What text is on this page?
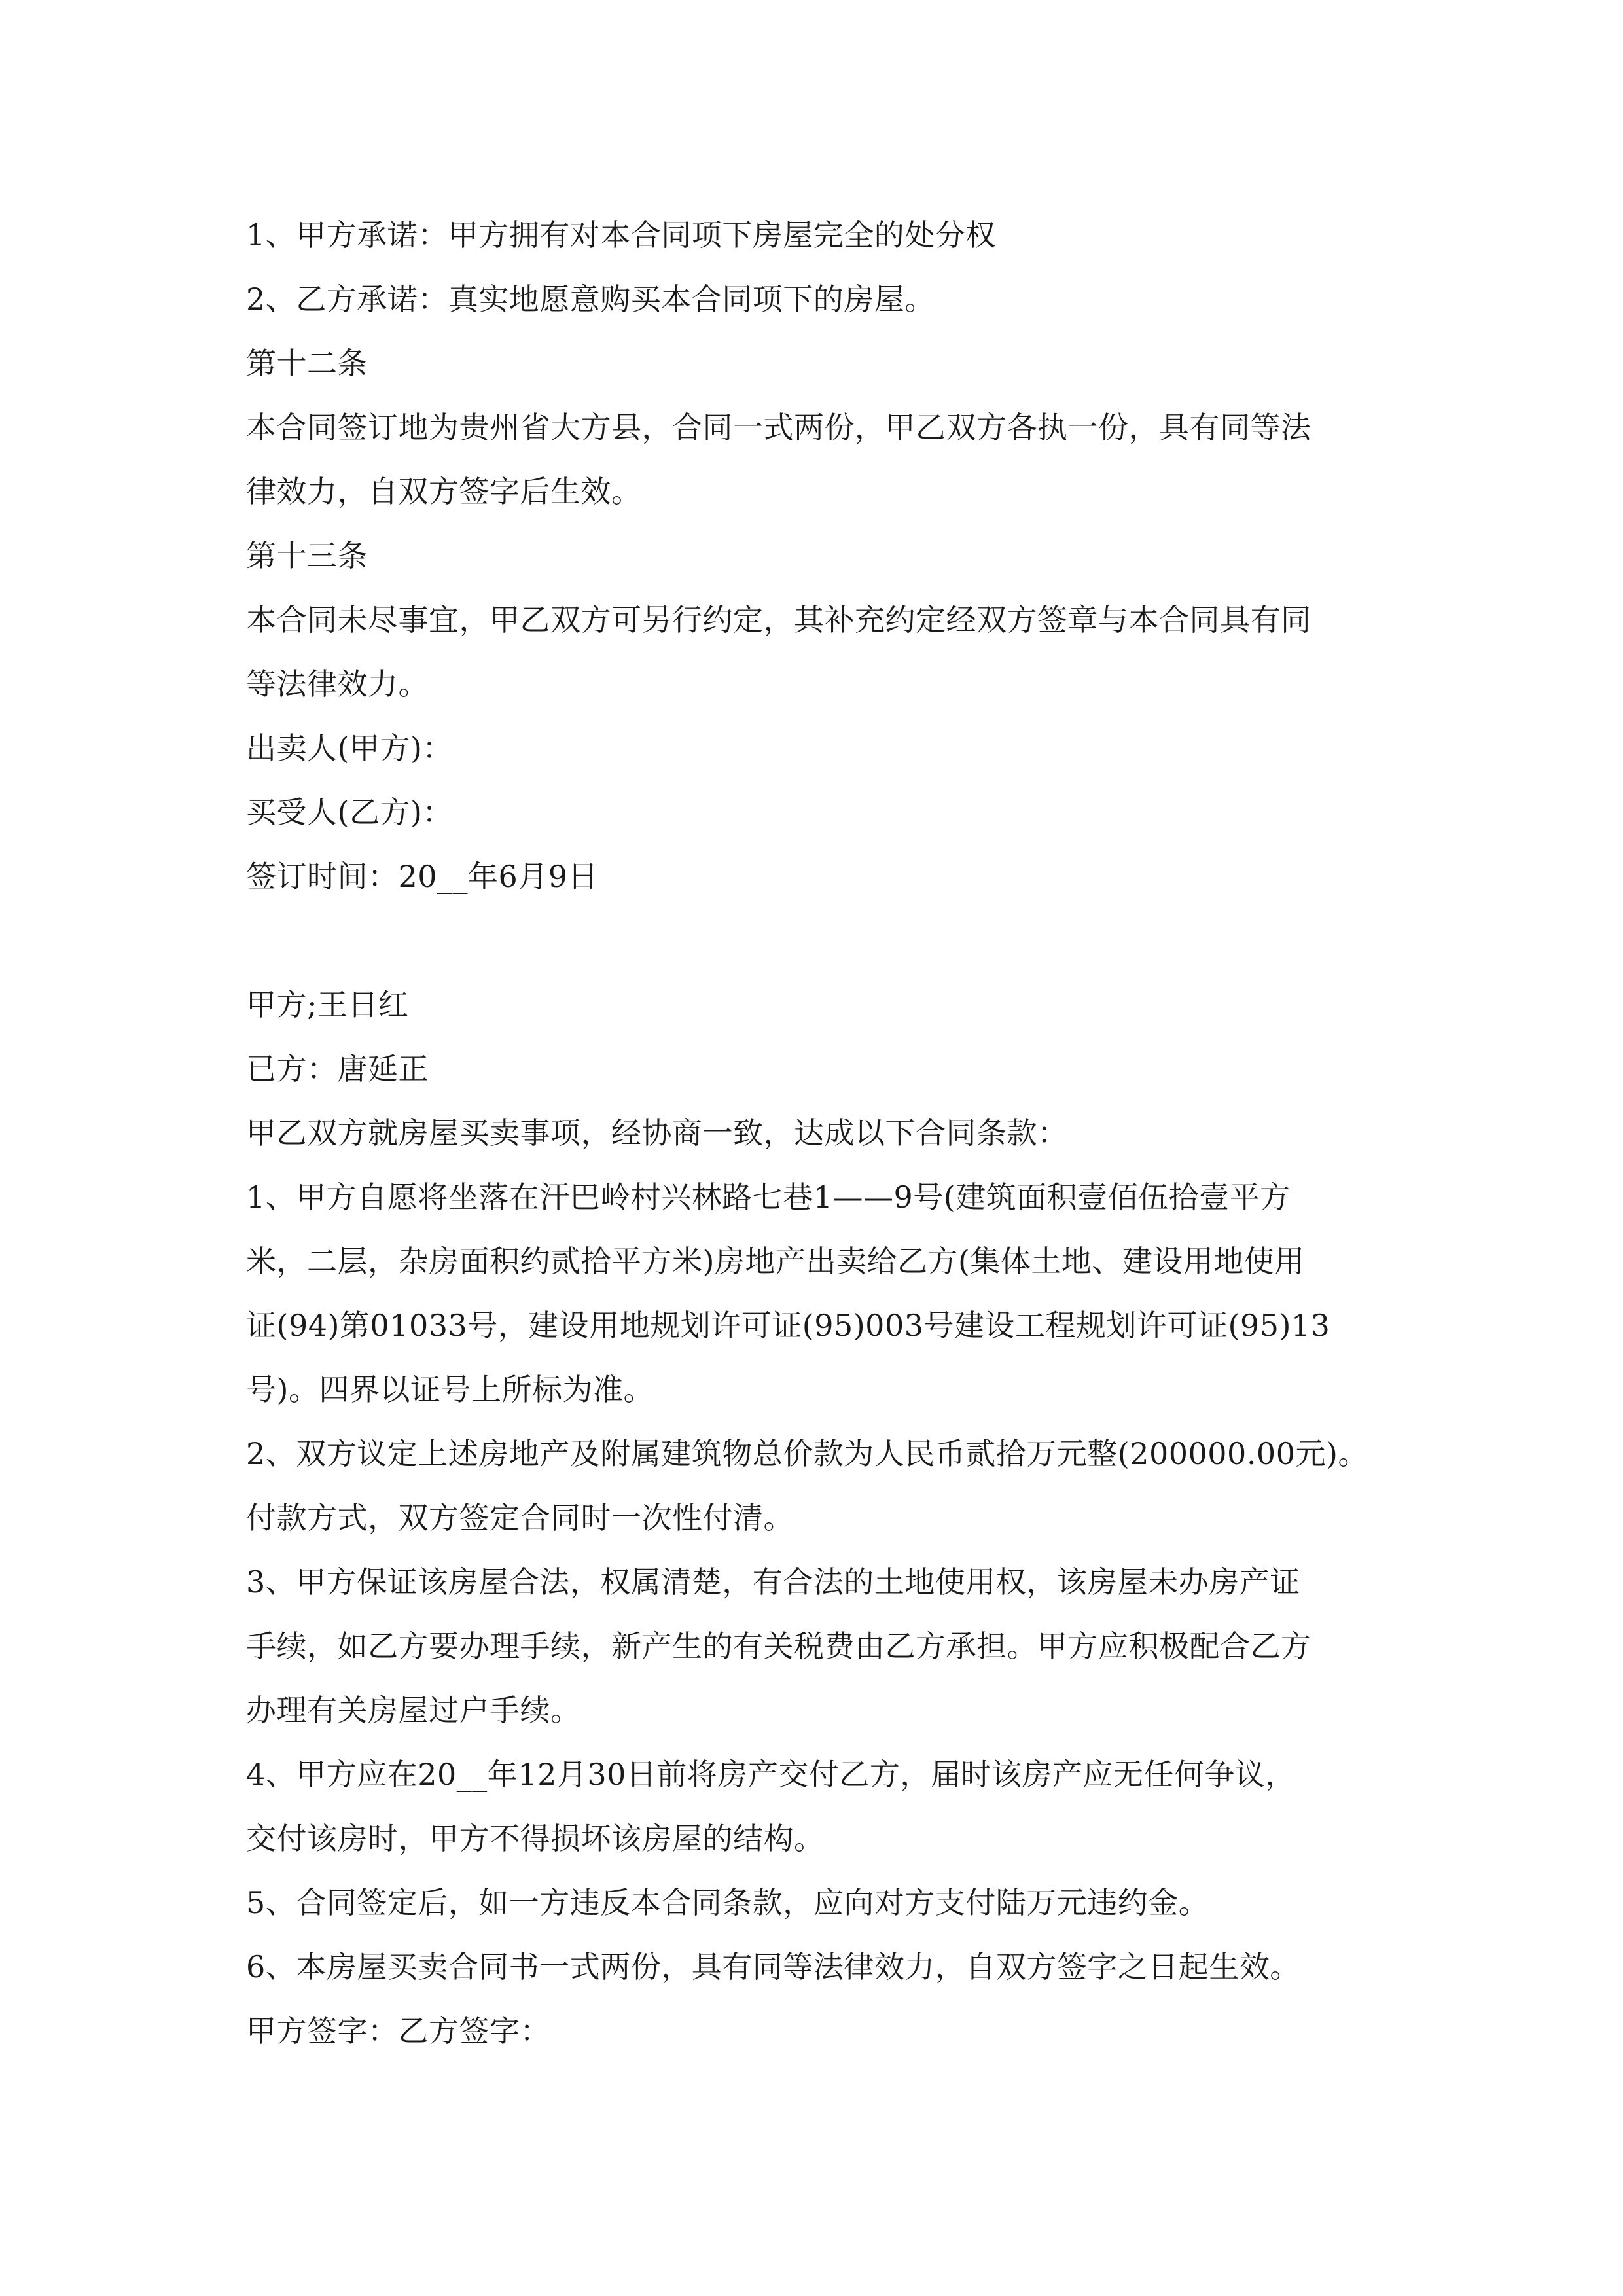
1、甲方承诺：甲方拥有对本合同项下房屋完全的处分权
2、乙方承诺：真实地愿意购买本合同项下的房屋。
第十二条
本合同签订地为贵州省大方县，合同一式两份，甲乙双方各执一份，具有同等法
律效力，自双方签字后生效。
第十三条
本合同未尽事宜，甲乙双方可另行约定，其补充约定经双方签章与本合同具有同
等法律效力。
出卖人(甲方)：
买受人(乙方)：
签订时间：20__年6月9日
甲方;王日红
已方：唐延正
甲乙双方就房屋买卖事项，经协商一致，达成以下合同条款：
1、甲方自愿将坐落在汗巴岭村兴林路七巷1——9号(建筑面积壹佰伍拾壹平方
米，二层，杂房面积约贰拾平方米)房地产出卖给乙方(集体土地、建设用地使用
证(94)第01033号，建设用地规划许可证(95)003号建设工程规划许可证(95)13
号)。四界以证号上所标为准。
2、双方议定上述房地产及附属建筑物总价款为人民币贰拾万元整(200000.00元)。
付款方式，双方签定合同时一次性付清。
3、甲方保证该房屋合法，权属清楚，有合法的土地使用权，该房屋未办房产证
手续，如乙方要办理手续，新产生的有关税费由乙方承担。甲方应积极配合乙方
办理有关房屋过户手续。
4、甲方应在20__年12月30日前将房产交付乙方，届时该房产应无任何争议，
交付该房时，甲方不得损坏该房屋的结构。
5、合同签定后，如一方违反本合同条款，应向对方支付陆万元违约金。
6、本房屋买卖合同书一式两份，具有同等法律效力，自双方签字之日起生效。
甲方签字：乙方签字：
